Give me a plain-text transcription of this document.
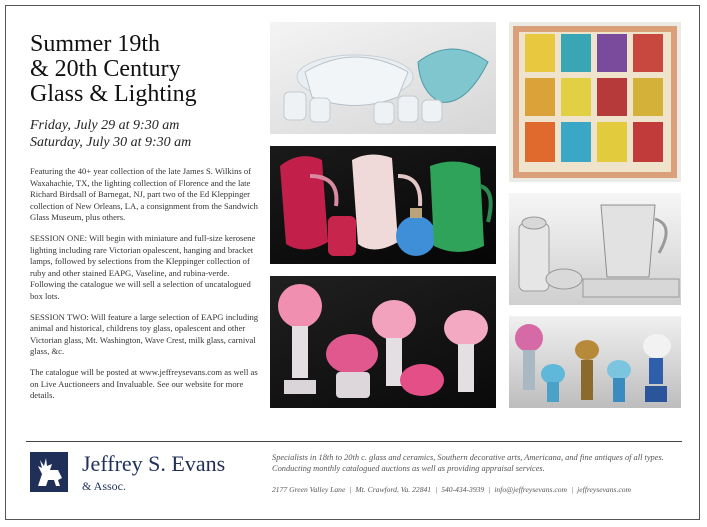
Summer 19th
& 20th Century
Glass & Lighting
Friday, July 29 at 9:30 am
Saturday, July 30 at 9:30 am

Featuring the 40+ year collection of the late James S. Wilkins of Waxahachie, TX, the lighting collection of Florence and the late Richard Birdsall of Barnegat, NJ, part two of the Ed Kleppinger collection of New Orleans, LA, a consignment from the Sandwich Glass Museum, plus others.

SESSION ONE: Will begin with miniature and full-size kerosene lighting including rare Victorian opalescent, hanging and bracket lamps, followed by selections from the Kleppinger collection of ruby and other stained EAPG, Vaseline, and rubina-verde. Following the catalogue we will sell a selection of uncatalogued box lots.

SESSION TWO: Will feature a large selection of EAPG including animal and historical, childrens toy glass, opalescent and other Victorian glass, Mt. Washington, Wave Crest, milk glass, carnival glass, &c.

The catalogue will be posted at www.jeffreysevans.com as well as on Live Auctioneers and Invaluable. See our website for more details.

Jeffrey S. Evans
& Assoc.
Specialists in 18th to 20th c. glass and ceramics, Southern decorative arts, Americana, and fine antiques of all types. Conducting monthly catalogued auctions as well as providing appraisal services.
2177 Green Valley Lane | Mt. Crawford, Va. 22841 | 540-434-3939 | info@jeffreysevans.com | jeffreysevans.com
